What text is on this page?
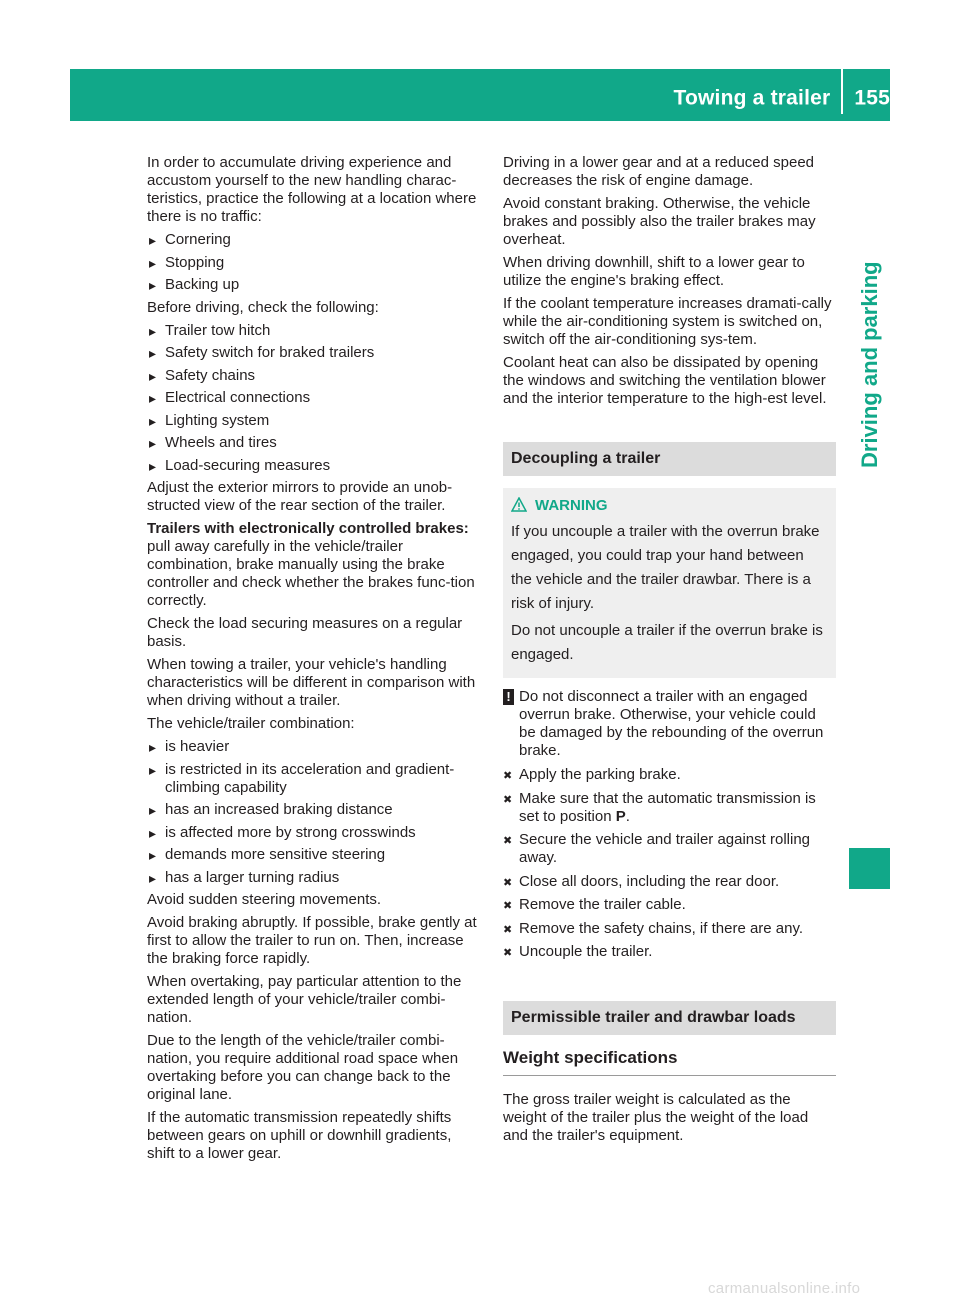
Towing a trailer 155
Driving and parking

In order to accumulate driving experience and accustom yourself to the new handling charac-teristics, practice the following at a location where there is no traffic:

▸ Cornering
▸ Stopping
▸ Backing up

Before driving, check the following:

▸ Trailer tow hitch
▸ Safety switch for braked trailers
▸ Safety chains
▸ Electrical connections
▸ Lighting system
▸ Wheels and tires
▸ Load-securing measures

Adjust the exterior mirrors to provide an unob-structed view of the rear section of the trailer.

Trailers with electronically controlled brakes: pull away carefully in the vehicle/trailer combination, brake manually using the brake controller and check whether the brakes func-tion correctly.

Check the load securing measures on a regular basis.

When towing a trailer, your vehicle's handling characteristics will be different in comparison with when driving without a trailer.

The vehicle/trailer combination:

▸ is heavier
▸ is restricted in its acceleration and gradient-climbing capability
▸ has an increased braking distance
▸ is affected more by strong crosswinds
▸ demands more sensitive steering
▸ has a larger turning radius

Avoid sudden steering movements.

Avoid braking abruptly. If possible, brake gently at first to allow the trailer to run on. Then, increase the braking force rapidly.

When overtaking, pay particular attention to the extended length of your vehicle/trailer combi-nation.

Due to the length of the vehicle/trailer combi-nation, you require additional road space when overtaking before you can change back to the original lane.

If the automatic transmission repeatedly shifts between gears on uphill or downhill gradients, shift to a lower gear.

Driving in a lower gear and at a reduced speed decreases the risk of engine damage.

Avoid constant braking. Otherwise, the vehicle brakes and possibly also the trailer brakes may overheat.

When driving downhill, shift to a lower gear to utilize the engine's braking effect.

If the coolant temperature increases dramati-cally while the air-conditioning system is switched on, switch off the air-conditioning sys-tem.

Coolant heat can also be dissipated by opening the windows and switching the ventilation blower and the interior temperature to the high-est level.

Decoupling a trailer
WARNING

If you uncouple a trailer with the overrun brake engaged, you could trap your hand between the vehicle and the trailer drawbar. There is a risk of injury.

Do not uncouple a trailer if the overrun brake is engaged.

! Do not disconnect a trailer with an engaged overrun brake. Otherwise, your vehicle could be damaged by the rebounding of the overrun brake.
✖ Apply the parking brake.
✖ Make sure that the automatic transmission is set to position P.
✖ Secure the vehicle and trailer against rolling away.
✖ Close all doors, including the rear door.
✖ Remove the trailer cable.
✖ Remove the safety chains, if there are any.
✖ Uncouple the trailer.
Permissible trailer and drawbar loads
Weight specifications

The gross trailer weight is calculated as the weight of the trailer plus the weight of the load and the trailer's equipment.

carmanualsonline.info
